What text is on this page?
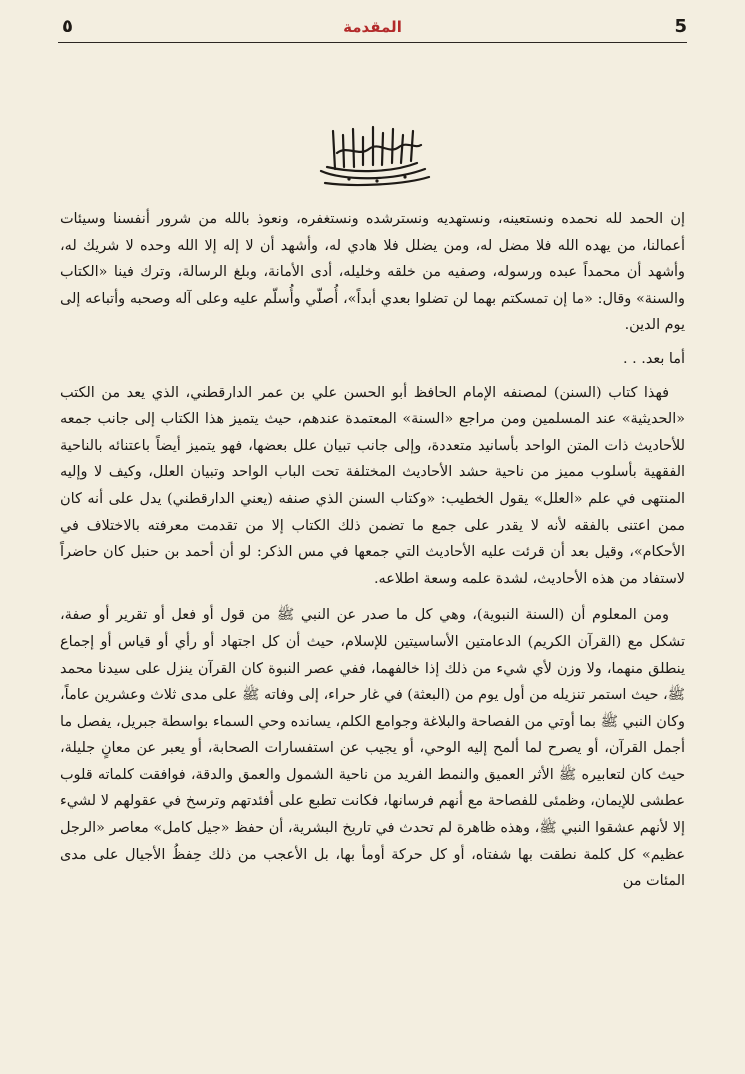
٥	المقدمة	5

إن الحمد لله نحمده ونستعينه، ونستهديه ونسترشده ونستغفره، ونعوذ بالله من شرور أنفسنا وسيئات أعمالنا، من يهده الله فلا مضل له، ومن يضلل فلا هادي له، وأشهد أن لا إله إلا الله وحده لا شريك له، وأشهد أن محمداً عبده ورسوله، وصفيه من خلقه وخليله، أدى الأمانة، وبلغ الرسالة، وترك فينا «الكتاب والسنة» وقال: «ما إن تمسكتم بهما لن تضلوا بعدي أبداً»، أُصلّي وأُسلّم عليه وعلى آله وصحبه وأتباعه إلى يوم الدين.

أما بعد. . .

فهذا كتاب (السنن) لمصنفه الإمام الحافظ أبو الحسن علي بن عمر الدارقطني، الذي يعد من الكتب «الحديثية» عند المسلمين ومن مراجع «السنة» المعتمدة عندهم، حيث يتميز هذا الكتاب إلى جانب جمعه للأحاديث ذات المتن الواحد بأسانيد متعددة، وإلى جانب تبيان علل بعضها، فهو يتميز أيضاً باعتنائه بالناحية الفقهية بأسلوب مميز من ناحية حشد الأحاديث المختلفة تحت الباب الواحد وتبيان العلل، وكيف لا وإليه المنتهى في علم «العلل» يقول الخطيب: «وكتاب السنن الذي صنفه (يعني الدارقطني) يدل على أنه كان ممن اعتنى بالفقه لأنه لا يقدر على جمع ما تضمن ذلك الكتاب إلا من تقدمت معرفته بالاختلاف في الأحكام»، وقيل بعد أن قرئت عليه الأحاديث التي جمعها في مس الذكر: لو أن أحمد بن حنبل كان حاضراً لاستفاد من هذه الأحاديث، لشدة علمه وسعة اطلاعه.

ومن المعلوم أن (السنة النبوية)، وهي كل ما صدر عن النبي ﷺ من قول أو فعل أو تقرير أو صفة، تشكل مع (القرآن الكريم) الدعامتين الأساسيتين للإسلام، حيث أن كل اجتهاد أو رأي أو قياس أو إجماع ينطلق منهما، ولا وزن لأي شيء من ذلك إذا خالفهما، ففي عصر النبوة كان القرآن ينزل على سيدنا محمد ﷺ، حيث استمر تنزيله من أول يوم من (البعثة) في غار حراء، إلى وفاته ﷺ على مدى ثلاث وعشرين عاماً، وكان النبي ﷺ بما أوتي من الفصاحة والبلاغة وجوامع الكلم، يسانده وحي السماء بواسطة جبريل، يفصل ما أجمل القرآن، أو يصرح لما ألمح إليه الوحي، أو يجيب عن استفسارات الصحابة، أو يعبر عن معانٍ جليلة، حيث كان لتعابيره ﷺ الأثر العميق والنمط الفريد من ناحية الشمول والعمق والدقة، فوافقت كلماته قلوب عطشى للإيمان، وظمئى للفصاحة مع أنهم فرسانها، فكانت تطبع على أفئدتهم وترسخ في عقولهم لا لشيء إلا لأنهم عشقوا النبي ﷺ، وهذه ظاهرة لم تحدث في تاريخ البشرية، أن حفظ «جيل كامل» معاصر «الرجل عظيم» كل كلمة نطقت بها شفتاه، أو كل حركة أومأ بها، بل الأعجب من ذلك حِفظُ الأجيال على مدى المئات من
